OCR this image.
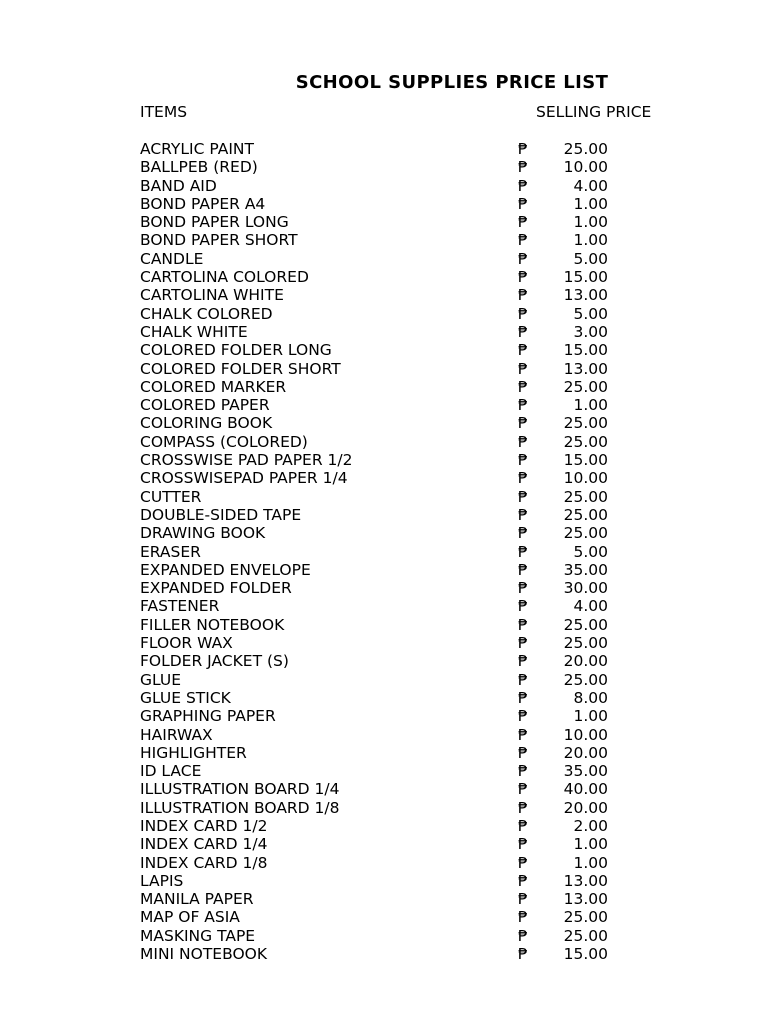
SCHOOL SUPPLIES PRICE LIST
ITEMS	SELLING PRICE
ACRYLIC PAINT	₱	25.00
BALLPEB (RED)	₱	10.00
BAND AID	₱	4.00
BOND PAPER A4	₱	1.00
BOND PAPER LONG	₱	1.00
BOND PAPER SHORT	₱	1.00
CANDLE	₱	5.00
CARTOLINA COLORED	₱	15.00
CARTOLINA WHITE	₱	13.00
CHALK COLORED	₱	5.00
CHALK WHITE	₱	3.00
COLORED FOLDER LONG	₱	15.00
COLORED FOLDER SHORT	₱	13.00
COLORED MARKER	₱	25.00
COLORED PAPER	₱	1.00
COLORING BOOK	₱	25.00
COMPASS (COLORED)	₱	25.00
CROSSWISE PAD PAPER 1/2	₱	15.00
CROSSWISEPAD PAPER 1/4	₱	10.00
CUTTER	₱	25.00
DOUBLE-SIDED TAPE	₱	25.00
DRAWING BOOK	₱	25.00
ERASER	₱	5.00
EXPANDED ENVELOPE	₱	35.00
EXPANDED FOLDER	₱	30.00
FASTENER	₱	4.00
FILLER NOTEBOOK	₱	25.00
FLOOR WAX	₱	25.00
FOLDER JACKET (S)	₱	20.00
GLUE	₱	25.00
GLUE STICK	₱	8.00
GRAPHING PAPER	₱	1.00
HAIRWAX	₱	10.00
HIGHLIGHTER	₱	20.00
ID LACE	₱	35.00
ILLUSTRATION BOARD 1/4	₱	40.00
ILLUSTRATION BOARD 1/8	₱	20.00
INDEX CARD 1/2	₱	2.00
INDEX CARD 1/4	₱	1.00
INDEX CARD 1/8	₱	1.00
LAPIS	₱	13.00
MANILA PAPER	₱	13.00
MAP OF ASIA	₱	25.00
MASKING TAPE	₱	25.00
MINI NOTEBOOK	₱	15.00
